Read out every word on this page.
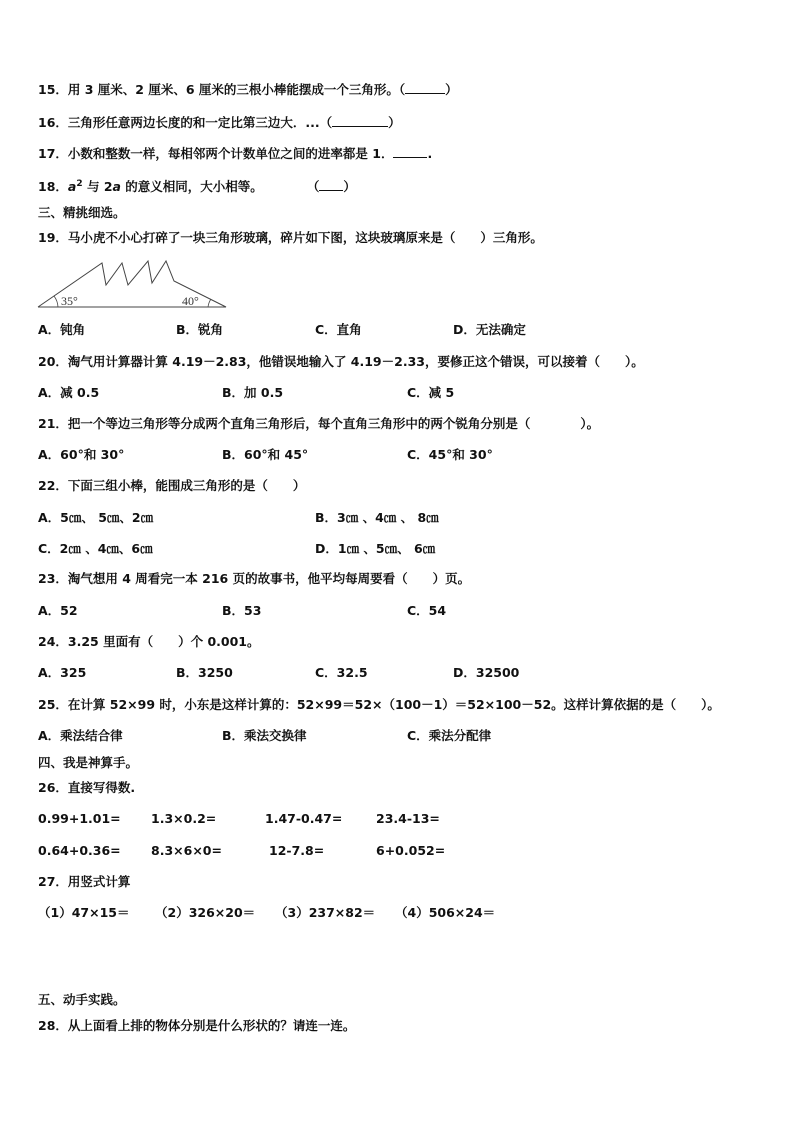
15．用 3 厘米、2 厘米、6 厘米的三根小棒能摆成一个三角形。（	）
16．三角形任意两边长度的和一定比第三边大．...（	）
17．小数和整数一样，每相邻两个计数单位之间的进率都是 1．	.
18．$a^2$ 与 2a 的意义相同，大小相等。	（ ）
三、精挑细选。
19．马小虎不小心打碎了一块三角形玻璃，碎片如下图，这块玻璃原来是（　　）三角形。
35°	40°
A．钝角	B．锐角	C．直角	D．无法确定
20．淘气用计算器计算 4.19－2.83，他错误地输入了 4.19－2.33，要修正这个错误，可以接着（　　）。
A．减 0.5	B．加 0.5	C．减 5
21．把一个等边三角形等分成两个直角三角形后，每个直角三角形中的两个锐角分别是（　　　　）。
A．60°和 30°	B．60°和 45°	C．45°和 30°
22．下面三组小棒，能围成三角形的是（　　）
A．5㎝、 5㎝、2㎝	B．3㎝ 、4㎝ 、 8㎝
C．2㎝ 、4㎝、6㎝	D．1㎝ 、5㎝、 6㎝
23．淘气想用 4 周看完一本 216 页的故事书，他平均每周要看（　　）页。
A．52	B．53	C．54
24．3.25 里面有（　　）个 0.001。
A．325	B．3250	C．32.5	D．32500
25．在计算 52×99 时，小东是这样计算的：52×99＝52×（100－1）＝52×100－52。这样计算依据的是（　　）。
A．乘法结合律	B．乘法交换律	C．乘法分配律
四、我是神算手。
26．直接写得数.
0.99+1.01= 1.3×0.2=	1.47-0.47=	23.4-13=
0.64+0.36= 8.3×6×0=	12-7.8=	6+0.052=
27．用竖式计算
（1）47×15＝ （2）326×20＝ （3）237×82＝ （4）506×24＝
五、动手实践。
28．从上面看上排的物体分别是什么形状的？请连一连。
